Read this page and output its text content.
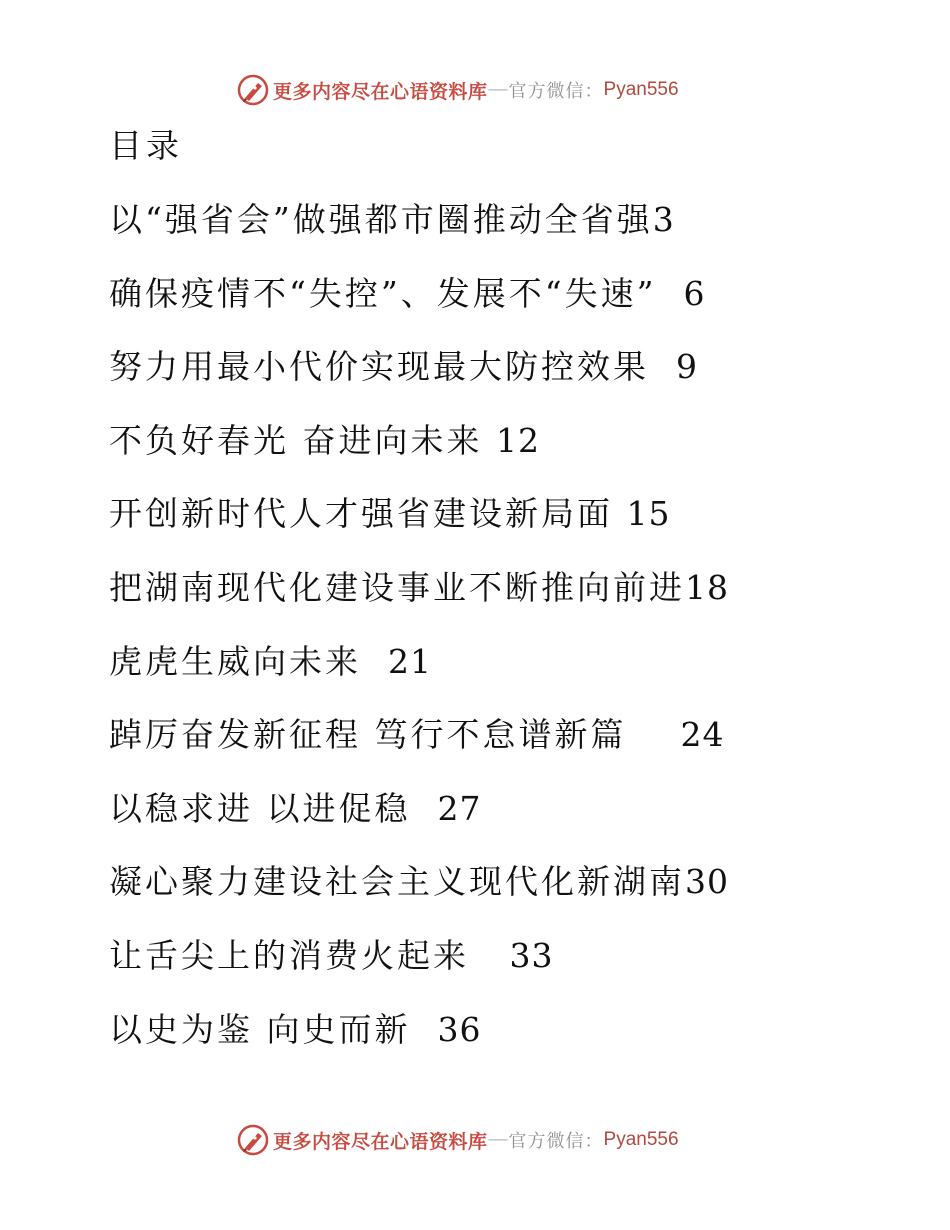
更多内容尽在心语资料库 — 官方微信： Pyan556
目录
以“强省会”做强都市圈推动全省强3
确保疫情不“失控”、发展不“失速” 6
努力用最小代价实现最大防控效果 9
不负好春光 奋进向未来 12
开创新时代人才强省建设新局面 15
把湖南现代化建设事业不断推向前进18
虎虎生威向未来 21
踔厉奋发新征程 笃行不怠谱新篇 24
以稳求进 以进促稳 27
凝心聚力建设社会主义现代化新湖南30
让舌尖上的消费火起来 33
以史为鉴 向史而新 36
更多内容尽在心语资料库 — 官方微信： Pyan556
